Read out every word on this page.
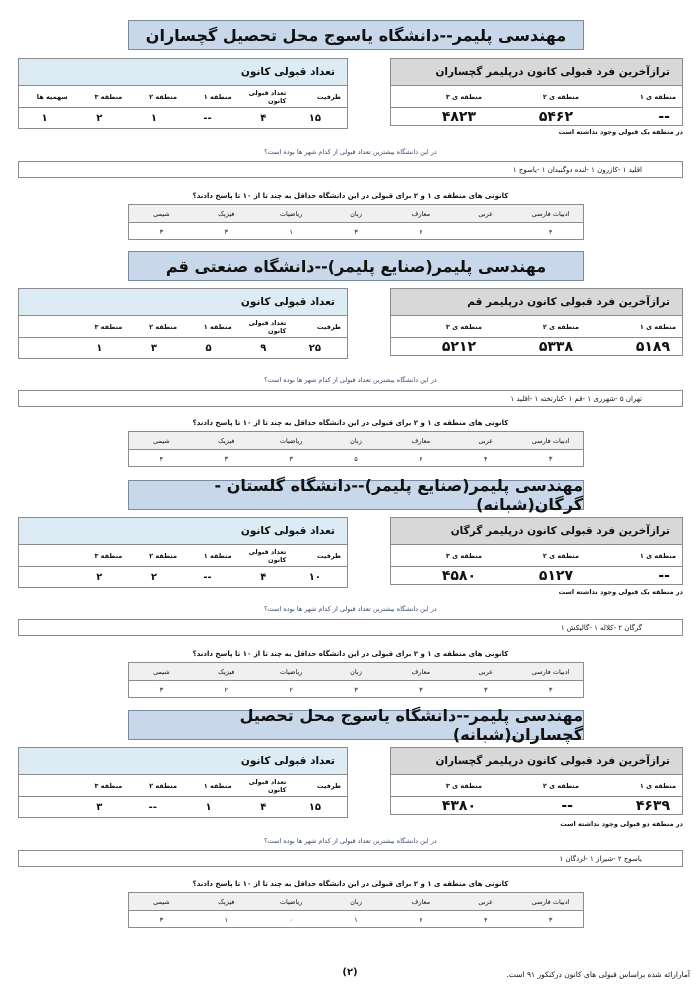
مهندسی پلیمر--دانشگاه یاسوج محل تحصیل گچساران
ترازآخرین فرد قبولی کانون درپلیمر گچساران
منطقه ی ۱
منطقه ی ۲
منطقه ی ۳
--
۵۴۶۲
۴۸۲۳
تعداد قبولی کانون
ظرفیت
تعداد قبولی کانون
منطقه ۱
منطقه ۲
منطقه ۳
سهمیه ها
۱۵
۴
--
۱
۲
۱
در منطقه یک قبولی وجود نداشته است
در این دانشگاه بیشترین تعداد قبولی از کدام شهر ها بوده است؟
اقلید ۱ -کازرون ۱ -لنده دوگنبدان ۱ -یاسوج ۱
کانونی های منطقه ی ۱ و ۲ برای قبولی در این دانشگاه حداقل به چند تا از ۱۰ تا پاسخ دادند؟
ادبیات فارسی
عربی
معارف
زبان
ریاضیات
فیزیک
شیمی
۴
۶
۳
۱
۳
۳
مهندسی پلیمر(صنایع پلیمر)--دانشگاه صنعتی قم
ترازآخرین فرد قبولی کانون درپلیمر قم
منطقه ی ۱
منطقه ی ۲
منطقه ی ۳
۵۱۸۹
۵۳۳۸
۵۲۱۲
تعداد قبولی کانون
ظرفیت
تعداد قبولی کانون
منطقه ۱
منطقه ۲
منطقه ۳
۲۵
۹
۵
۳
۱
در این دانشگاه بیشترین تعداد قبولی از کدام شهر ها بوده است؟
تهران ۵ -شهرری ۱ -قم ۱ -کنارتخته ۱ -اقلید ۱
کانونی های منطقه ی ۱ و ۲ برای قبولی در این دانشگاه حداقل به چند تا از ۱۰ تا پاسخ دادند؟
ادبیات فارسی
عربی
معارف
زبان
ریاضیات
فیزیک
شیمی
۳
۴
۶
۵
۳
۳
۴
مهندسی پلیمر(صنایع پلیمر)--دانشگاه گلستان - گرگان(شبانه)
ترازآخرین فرد قبولی کانون درپلیمر گرگان
منطقه ی ۱
منطقه ی ۲
منطقه ی ۳
--
۵۱۲۷
۴۵۸۰
تعداد قبولی کانون
ظرفیت
تعداد قبولی کانون
منطقه ۱
منطقه ۲
منطقه ۳
۱۰
۴
--
۲
۲
در منطقه یک قبولی وجود نداشته است
در این دانشگاه بیشترین تعداد قبولی از کدام شهر ها بوده است؟
گرگان ۲ -کلاله ۱ -گالیکش ۱
کانونی های منطقه ی ۱ و ۲ برای قبولی در این دانشگاه حداقل به چند تا از ۱۰ تا پاسخ دادند؟
ادبیات فارسی
عربی
معارف
زبان
ریاضیات
فیزیک
شیمی
۳
۳
۳
۳
۲
۲
۳
مهندسی پلیمر--دانشگاه یاسوج محل تحصیل گچساران(شبانه)
ترازآخرین فرد قبولی کانون درپلیمر گچساران
منطقه ی ۱
منطقه ی ۲
منطقه ی ۳
۴۶۳۹
--
۴۳۸۰
تعداد قبولی کانون
ظرفیت
تعداد قبولی کانون
منطقه ۱
منطقه ۲
منطقه ۳
۱۵
۴
۱
--
۳
در منطقه دو قبولی وجود نداشته است
در این دانشگاه بیشترین تعداد قبولی از کدام شهر ها بوده است؟
یاسوج ۲ -شیراز ۱ -لردگان ۱
کانونی های منطقه ی ۱ و ۲ برای قبولی در این دانشگاه حداقل به چند تا از ۱۰ تا پاسخ دادند؟
ادبیات فارسی
عربی
معارف
زبان
ریاضیات
فیزیک
شیمی
۳
۴
۶
۱
۰
۱
۳
(۲)	آمارارائه شده براساس قبولی های کانون درکنکور ۹۱ است.
